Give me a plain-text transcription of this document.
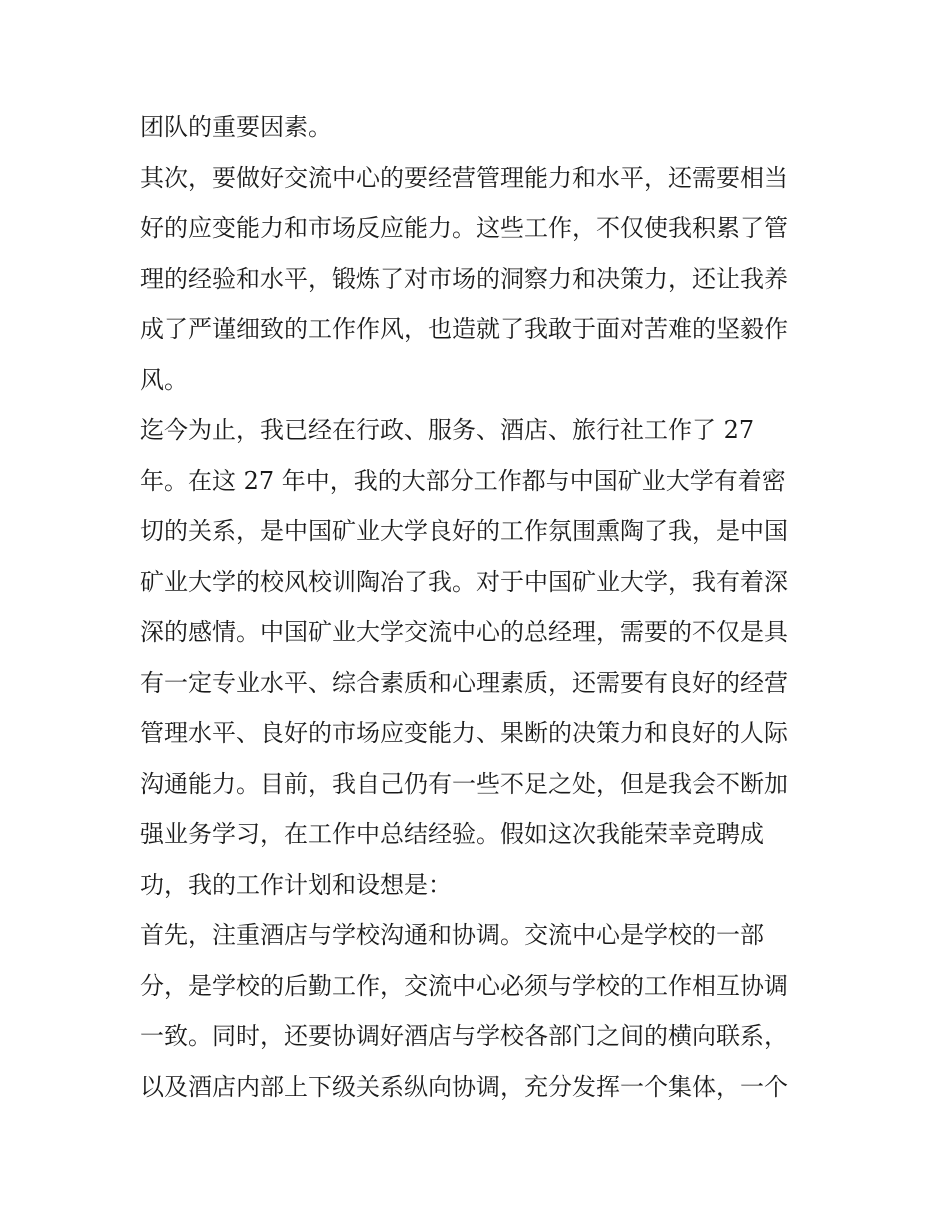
团队的重要因素。
其次，要做好交流中心的要经营管理能力和水平，还需要相当
好的应变能力和市场反应能力。这些工作，不仅使我积累了管
理的经验和水平，锻炼了对市场的洞察力和决策力，还让我养
成了严谨细致的工作作风，也造就了我敢于面对苦难的坚毅作
风。
迄今为止，我已经在行政、服务、酒店、旅行社工作了 27
年。在这 27 年中，我的大部分工作都与中国矿业大学有着密
切的关系，是中国矿业大学良好的工作氛围熏陶了我，是中国
矿业大学的校风校训陶冶了我。对于中国矿业大学，我有着深
深的感情。中国矿业大学交流中心的总经理，需要的不仅是具
有一定专业水平、综合素质和心理素质，还需要有良好的经营
管理水平、良好的市场应变能力、果断的决策力和良好的人际
沟通能力。目前，我自己仍有一些不足之处，但是我会不断加
强业务学习，在工作中总结经验。假如这次我能荣幸竞聘成
功，我的工作计划和设想是：
首先，注重酒店与学校沟通和协调。交流中心是学校的一部
分，是学校的后勤工作，交流中心必须与学校的工作相互协调
一致。同时，还要协调好酒店与学校各部门之间的横向联系，
以及酒店内部上下级关系纵向协调，充分发挥一个集体，一个
